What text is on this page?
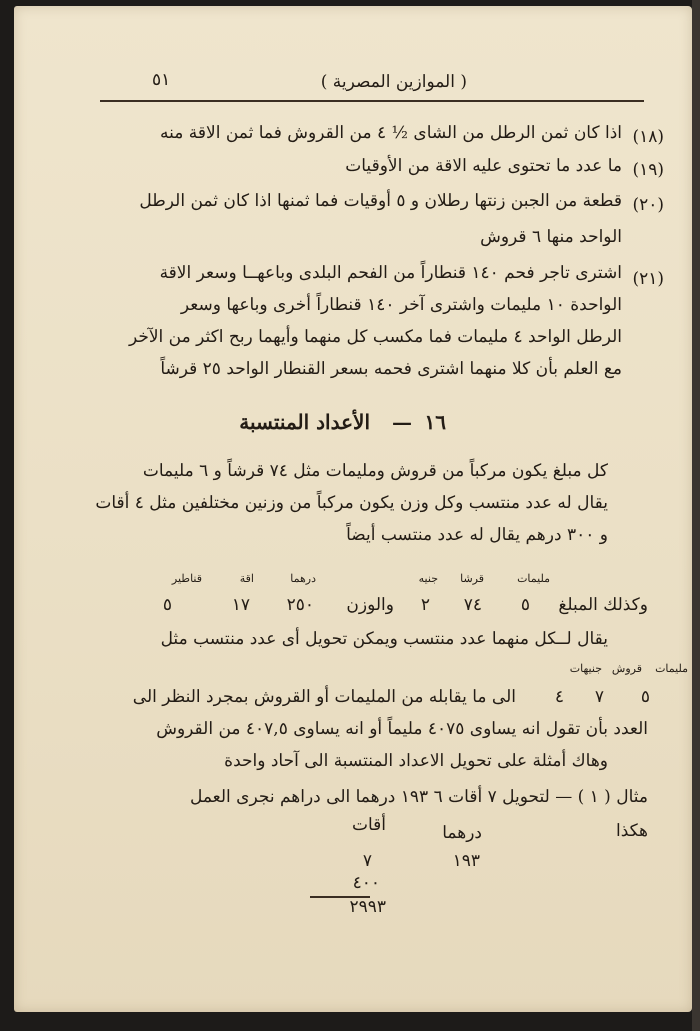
( الموازين المصرية )
٥١
(١٨)
اذا كان ثمن الرطل من الشاى ½ ٤ من القروش فما ثمن الاقة منه
(١٩)
ما عدد ما تحتوى عليه الاقة من الأوقيات
(٢٠)
قطعة من الجبن زنتها رطلان و ٥ أوقيات فما ثمنها اذا كان ثمن الرطل
الواحد منها ٦ قروش
(٢١)
اشترى تاجر فحم ١٤٠ قنطاراً من الفحم البلدى وباعهــا وسعر الاقة
الواحدة ١٠ مليمات واشترى آخر ١٤٠ قنطاراً أخرى وباعها وسعر
الرطل الواحد ٤ مليمات فما مكسب كل منهما وأيهما ربح اكثر من الآخر
مع العلم بأن كلا منهما اشترى فحمه بسعر القنطار الواحد ٢٥ قرشاً
١٦
—
الأعداد المنتسبة
كل مبلغ يكون مركباً من قروش ومليمات مثل ٧٤ قرشاً و ٦ مليمات
يقال له عدد منتسب وكل وزن يكون مركباً من وزنين مختلفين مثل ٤ أقات
و ٣٠٠ درهم يقال له عدد منتسب أيضاً
مليمات
قرشا
جنيه
درهما
اقة
قناطير
وكذلك المبلغ
٥
٧٤
٢
والوزن
٢٥٠
١٧
٥
يقال لــكل منهما عدد منتسب ويمكن تحويل أى عدد منتسب مثل
مليمات
قروش
جنيهات
٥
٧
٤
الى ما يقابله من المليمات أو القروش بمجرد النظر الى
العدد بأن تقول انه يساوى ٤٠٧٥ مليماً أو انه يساوى ٤٠٧,٥ من القروش
وهاك أمثلة على تحويل الاعداد المنتسبة الى آحاد واحدة
مثال ( ١ ) — لتحويل ٧ أقات ٦ ١٩٣ درهما الى دراهم نجرى العمل
هكذا
أقات	درهما
٧	١٩٣
٤٠٠
٢٩٩٣
